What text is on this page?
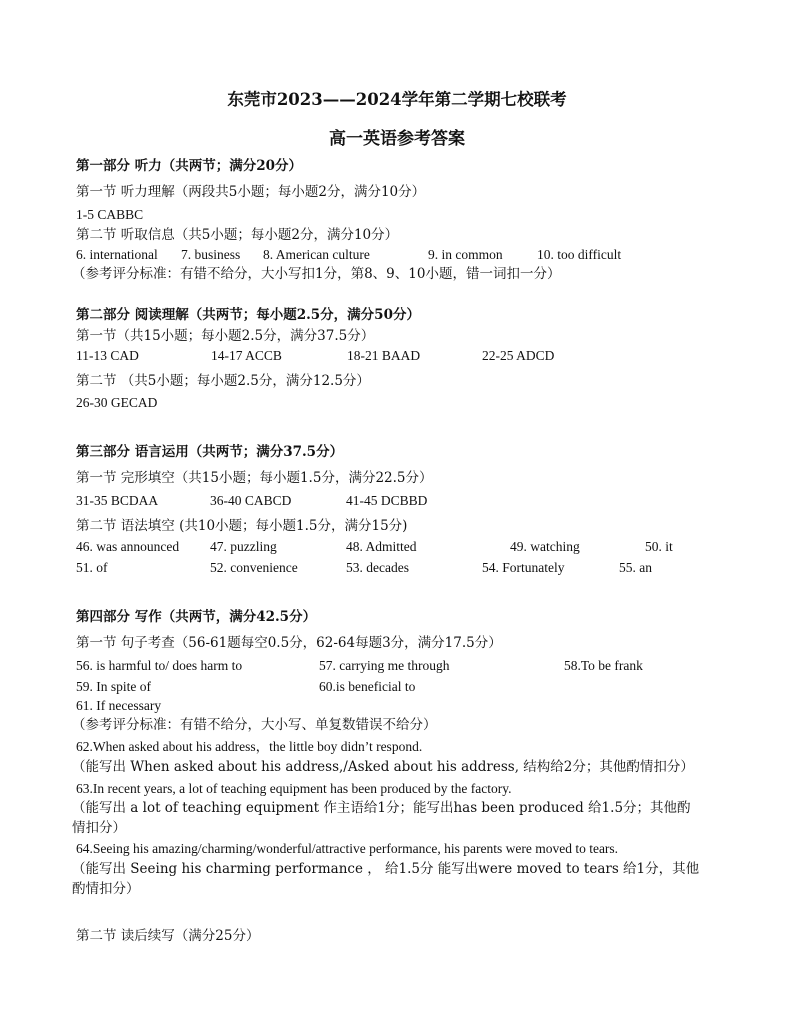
东莞市2023——2024学年第二学期七校联考
高一英语参考答案
第一部分 听力（共两节；满分20分）
第一节 听力理解（两段共5小题；每小题2分，满分10分）
1-5 CABBC
第二节 听取信息（共5小题；每小题2分，满分10分）
6. international 7. business 8. American culture	9. in common	10. too difficult
（参考评分标准：有错不给分，大小写扣1分，第8、9、10小题，错一词扣一分）
第二部分 阅读理解（共两节；每小题2.5分，满分50分）
第一节（共15小题；每小题2.5分，满分37.5分）
11-13 CAD	14-17 ACCB	18-21 BAAD	22-25 ADCD
第二节 （共5小题；每小题2.5分，满分12.5分）
26-30 GECAD
第三部分 语言运用（共两节；满分37.5分）
第一节 完形填空（共15小题；每小题1.5分，满分22.5分）
31-35 BCDAA	36-40 CABCD	41-45 DCBBD
第二节 语法填空 (共10小题；每小题1.5分，满分15分)
46. was announced 47. puzzling	48. Admitted	49. watching	50. it
51. of	52. convenience	53. decades	54. Fortunately	55. an
第四部分 写作（共两节，满分42.5分）
第一节 句子考查（56-61题每空0.5分，62-64每题3分，满分17.5分）
56. is harmful to/ does harm to	57. carrying me through	58.To be frank
59. In spite of	60.is beneficial to
61. If necessary
（参考评分标准：有错不给分，大小写、单复数错误不给分）
62.When asked about his address，the little boy didn’t respond.
（能写出 When asked about his address,/Asked about his address, 结构给2分；其他酌情扣分）
63.In recent years, a lot of teaching equipment has been produced by the factory.
（能写出 a lot of teaching equipment 作主语给1分；能写出has been produced 给1.5分；其他酌
情扣分）
64.Seeing his amazing/charming/wonderful/attractive performance, his parents were moved to tears.
（能写出 Seeing his charming performance ， 给1.5分 能写出were moved to tears 给1分，其他
酌情扣分）
第二节 读后续写（满分25分）
